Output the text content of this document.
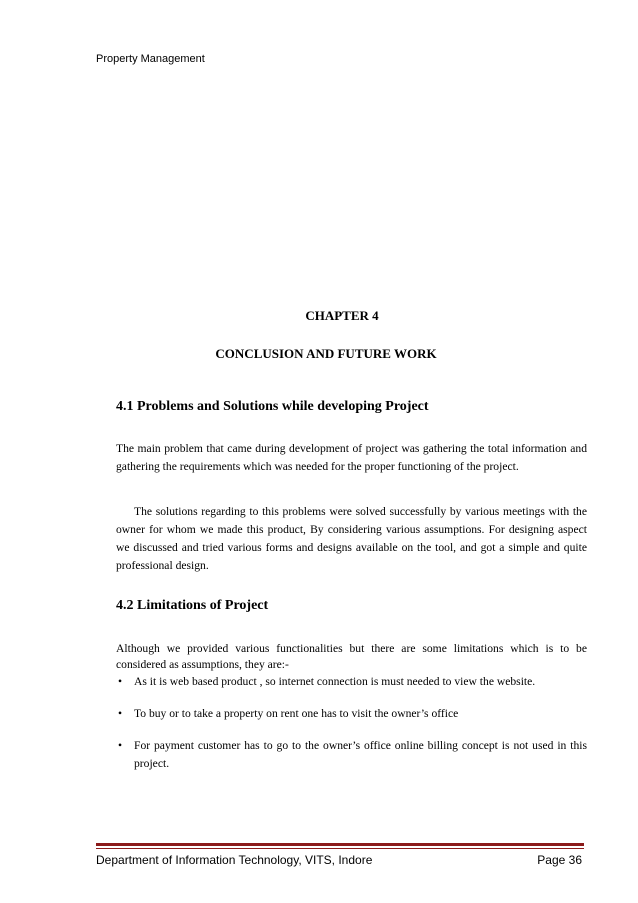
Property Management
CHAPTER 4
CONCLUSION AND FUTURE WORK
4.1 Problems and Solutions while developing Project

The main problem that came during development of project was gathering the total information and gathering the requirements which was needed for the proper functioning of the project.

The solutions regarding to this problems were solved successfully by various meetings with the owner for whom we made this product, By considering various assumptions. For designing aspect we discussed and tried various forms and designs available on the tool, and got a simple and quite professional design.

4.2 Limitations of Project

Although we provided various functionalities but there are some limitations which is to be considered as assumptions, they are:-

• As it is web based product , so internet connection is must needed to view the website.
• To buy or to take a property on rent one has to visit the owner’s office
• For payment customer has to go to the owner’s office online billing concept is not used in this project.
Department of Information Technology, VITS, Indore	Page 36
